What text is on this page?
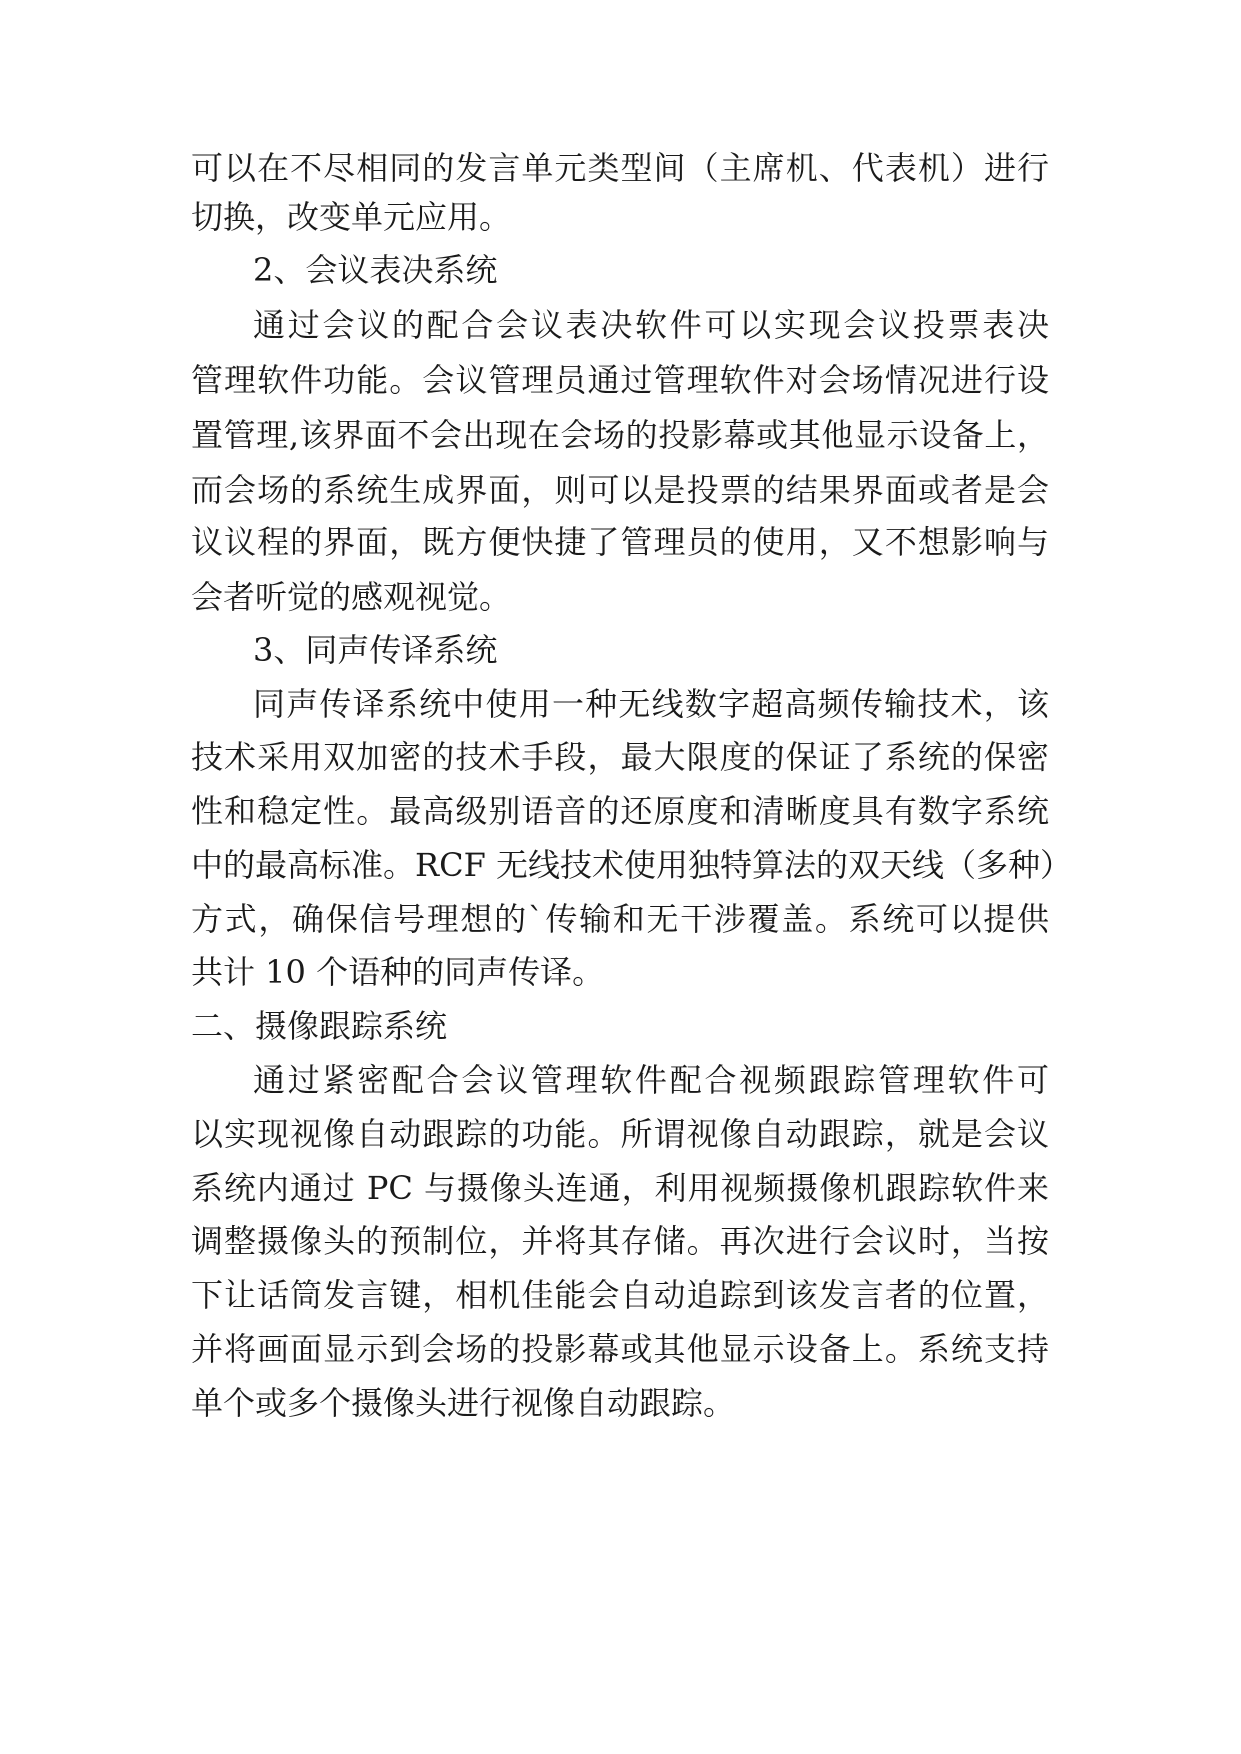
可以在不尽相同的发言单元类型间（主席机、代表机）进行
切换，改变单元应用。
2、会议表决系统
通过会议的配合会议表决软件可以实现会议投票表决
管理软件功能。会议管理员通过管理软件对会场情况进行设
置管理,该界面不会出现在会场的投影幕或其他显示设备上，
而会场的系统生成界面，则可以是投票的结果界面或者是会
议议程的界面，既方便快捷了管理员的使用，又不想影响与
会者听觉的感观视觉。
3、同声传译系统
同声传译系统中使用一种无线数字超高频传输技术，该
技术采用双加密的技术手段，最大限度的保证了系统的保密
性和稳定性。最高级别语音的还原度和清晰度具有数字系统
中的最高标准。RCF 无线技术使用独特算法的双天线（多种）
方式，确保信号理想的`传输和无干涉覆盖。系统可以提供
共计 10 个语种的同声传译。
二、摄像跟踪系统
通过紧密配合会议管理软件配合视频跟踪管理软件可
以实现视像自动跟踪的功能。所谓视像自动跟踪，就是会议
系统内通过 PC 与摄像头连通，利用视频摄像机跟踪软件来
调整摄像头的预制位，并将其存储。再次进行会议时，当按
下让话筒发言键，相机佳能会自动追踪到该发言者的位置，
并将画面显示到会场的投影幕或其他显示设备上。系统支持
单个或多个摄像头进行视像自动跟踪。
